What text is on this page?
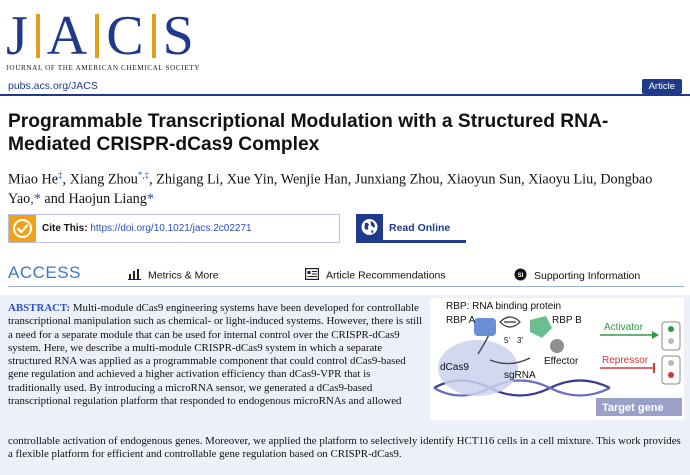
J A C S
JOURNAL OF THE AMERICAN CHEMICAL SOCIETY
pubs.acs.org/JACS	Article
Programmable Transcriptional Modulation with a Structured RNA-Mediated CRISPR-dCas9 Complex
Miao He‡, Xiang Zhou*,‡, Zhigang Li, Xue Yin, Wenjie Han, Junxiang Zhou, Xiaoyun Sun, Xiaoyu Liu, Dongbao Yao,* and Haojun Liang*
Cite This: https://doi.org/10.1021/jacs.2c02271	Read Online
ACCESS	Metrics & More	Article Recommendations	SI Supporting Information
ABSTRACT: Multi-module dCas9 engineering systems have been developed for controllable transcriptional manipulation such as chemical- or light-induced systems. However, there is still a need for a separate module that can be used for internal control over the CRISPR-dCas9 system. Here, we describe a multi-module CRISPR-dCas9 system in which a separate structured RNA was applied as a programmable component that could control dCas9-based gene regulation and achieved a higher activation efficiency than dCas9-VPR that is traditionally used. By introducing a microRNA sensor, we generated a dCas9-based transcriptional regulation platform that responded to endogenous microRNAs and allowed
controllable activation of endogenous genes. Moreover, we applied the platform to selectively identify HCT116 cells in a cell mixture. This work provides a flexible platform for efficient and controllable gene regulation based on CRISPR-dCas9.
RBP: RNA binding protein
dCas9
sgRNA
RBP A
5' 3'
RBP B
Effector
Activator
Repressor
Target gene
